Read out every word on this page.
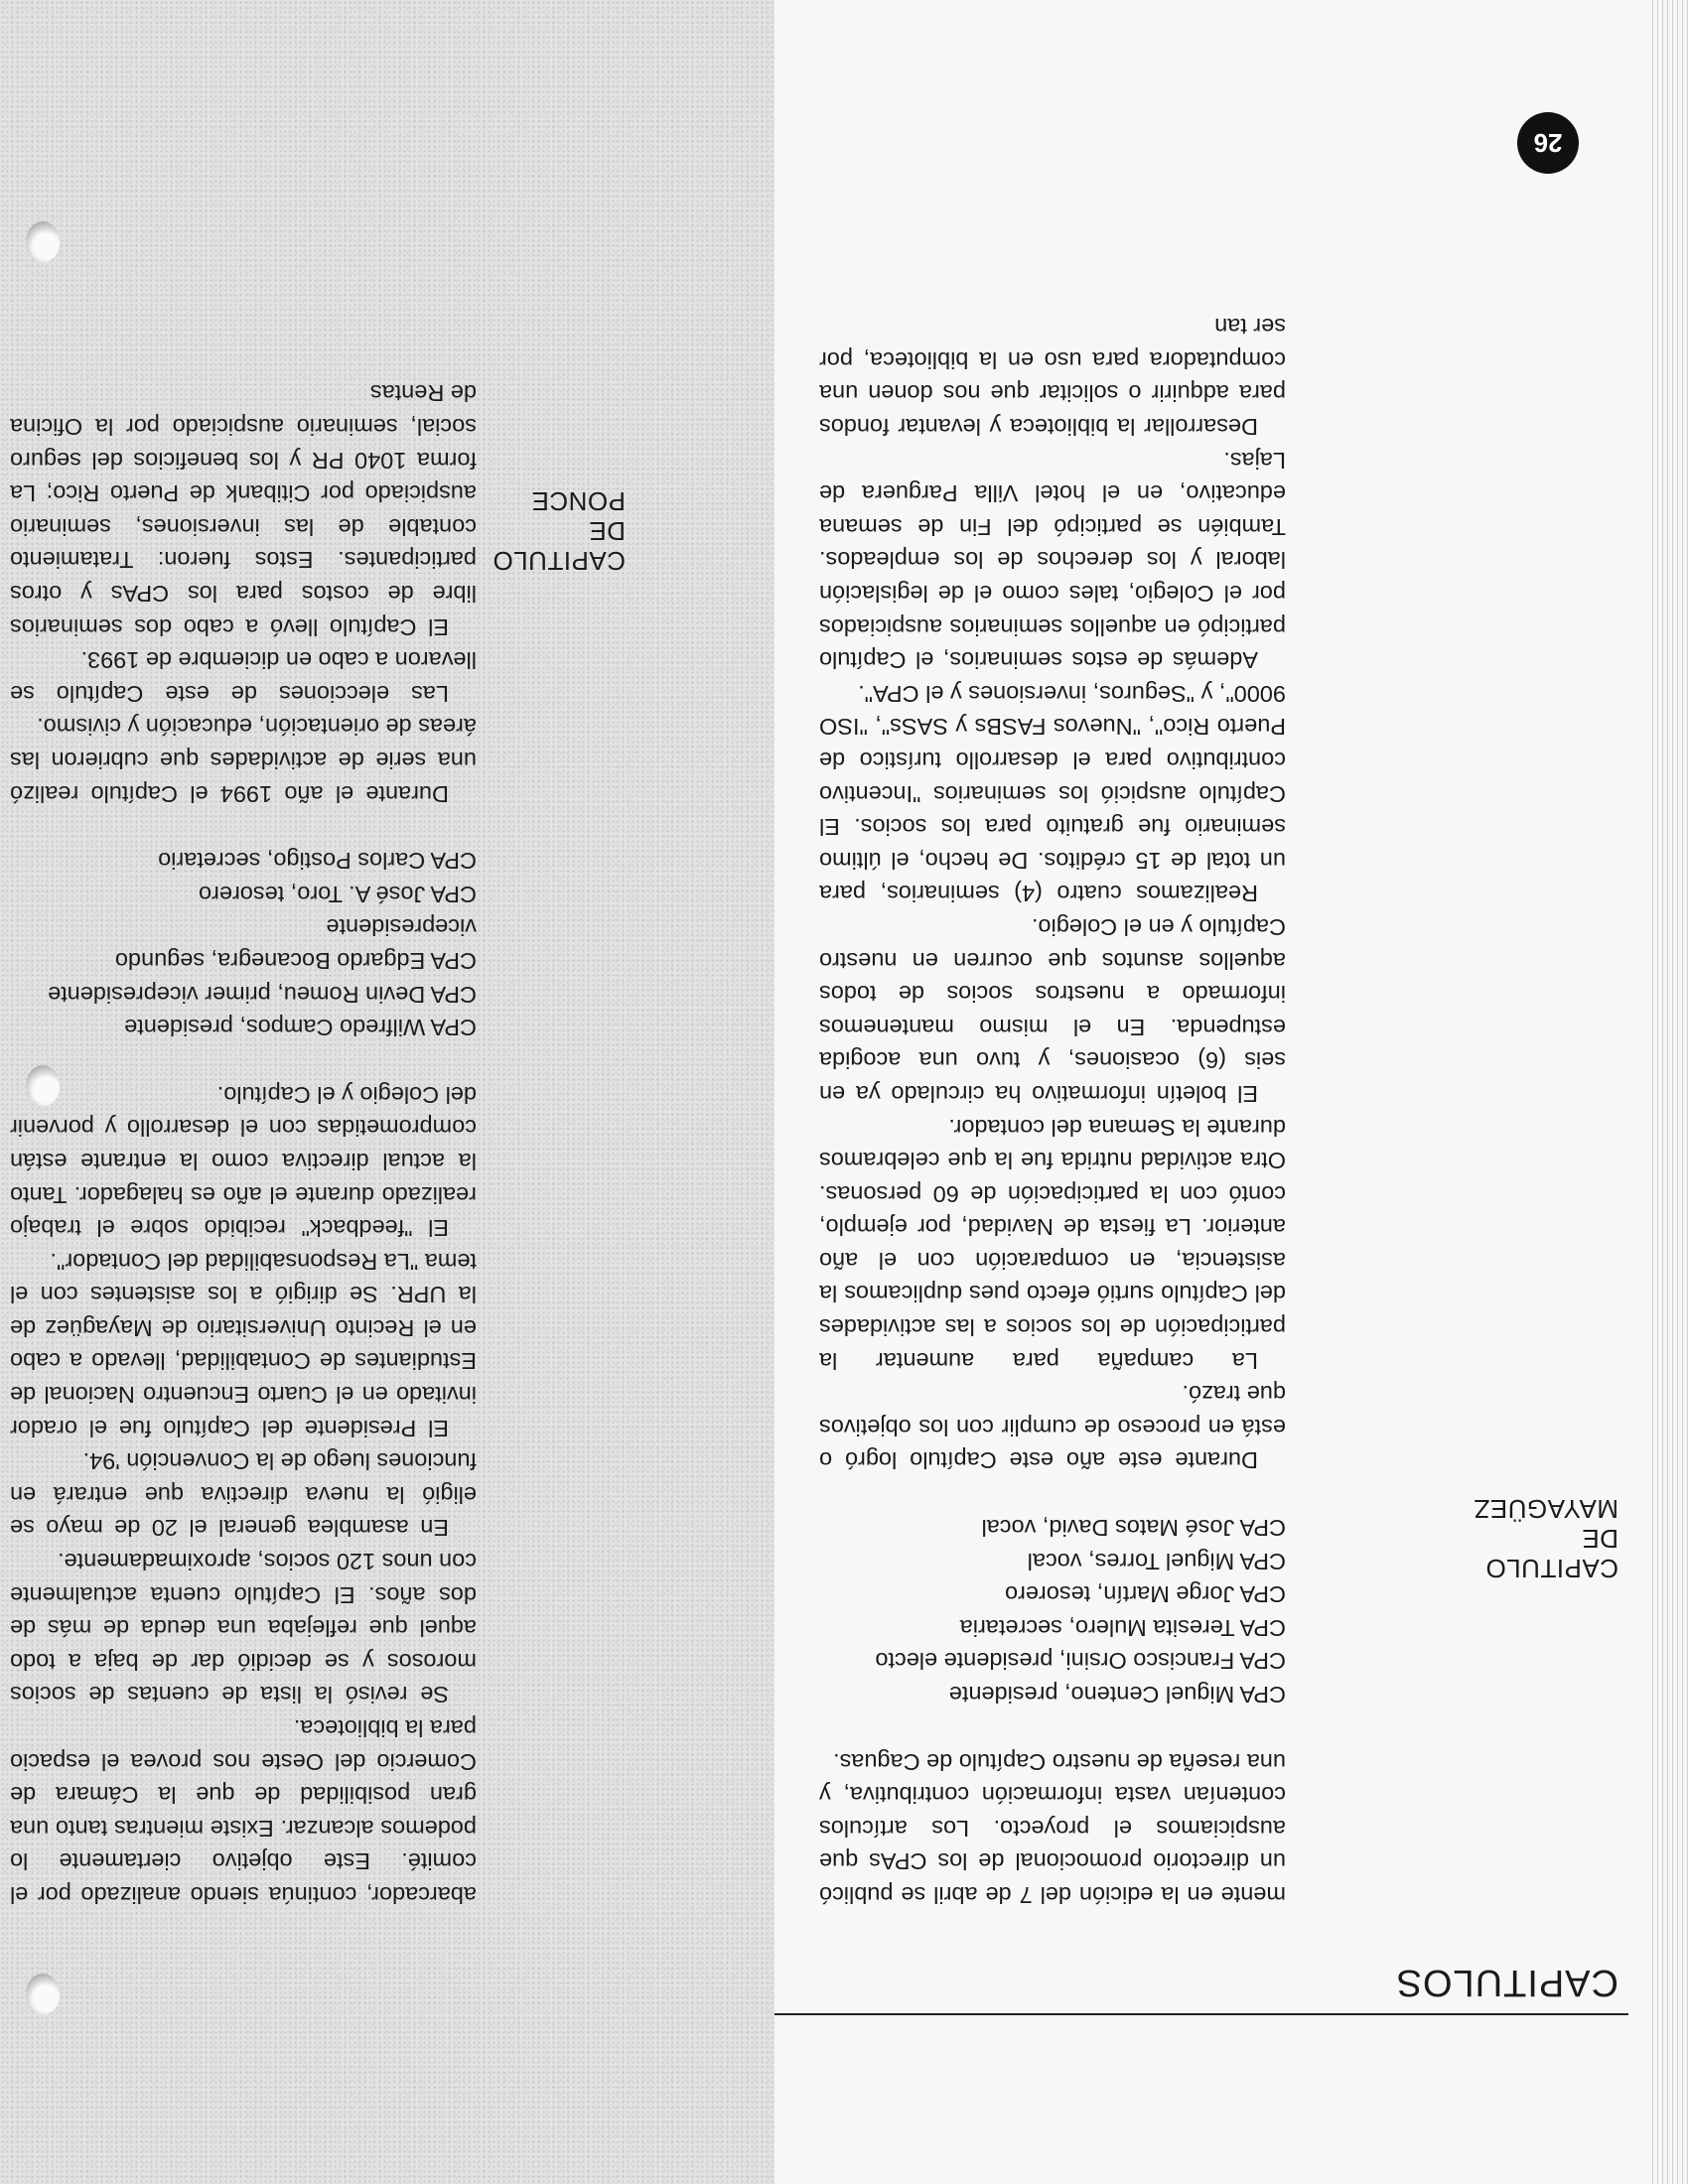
CAPITULOS

mente en la edición del 7 de abril se publicó un directorio promocional de los CPAs que auspiciamos el proyecto. Los artículos contenían vasta información contributiva, y una reseña de nuestro Capítulo de Caguas.

CPA Miguel Centeno, presidente
CPA Francisco Orsini, presidente electo
CPA Teresita Mulero, secretaria
CPA Jorge Martín, tesorero
CPA Miguel Torres, vocal
CPA José Matos David, vocal

Durante este año este Capítulo logró o está en proceso de cumplir con los objetivos que trazó.

La campaña para aumentar la participación de los socios a las actividades del Capítulo surtió efecto pues duplicamos la asistencia, en comparación con el año anterior. La fiesta de Navidad, por ejemplo, contó con la participación de 60 personas. Otra actividad nutrida fue la que celebramos durante la Semana del contador.

El boletín informativo ha circulado ya en seis (6) ocasiones, y tuvo una acogida estupenda. En el mismo mantenemos informado a nuestros socios de todos aquellos asuntos que ocurren en nuestro Capítulo y en el Colegio.

Realizamos cuatro (4) seminarios, para un total de 15 créditos. De hecho, el último seminario fue gratuito para los socios. El Capítulo auspició los seminarios "Incentivo contributivo para el desarrollo turístico de Puerto Rico", "Nuevos FASBs y SASs", "ISO 9000", y "Seguros, inversiones y el CPA".

Además de estos seminarios, el Capítulo participó en aquellos seminarios auspiciados por el Colegio, tales como el de legislación laboral y los derechos de los empleados. También se participó del Fin de semana educativo, en el hotel Villa Parguera de Lajas.

Desarrollar la biblioteca y levantar fondos para adquirir o solicitar que nos donen una computadora para uso en la biblioteca, por ser tan

CAPITULO DE MAYAGÜEZ

abarcador, continúa siendo analizado por el comité. Este objetivo ciertamente lo podemos alcanzar. Existe mientras tanto una gran posibilidad de que la Cámara de Comercio del Oeste nos provea el espacio para la biblioteca.

Se revisó la lista de cuentas de socios morosos y se decidió dar de baja a todo aquel que reflejaba una deuda de más de dos años. El Capítulo cuenta actualmente con unos 120 socios, aproximadamente.

En asamblea general el 20 de mayo se eligió la nueva directiva que entrará en funciones luego de la Convención '94.

El Presidente del Capítulo fue el orador invitado en el Cuarto Encuentro Nacional de Estudiantes de Contabilidad, llevado a cabo en el Recinto Universitario de Mayagüez de la UPR. Se dirigió a los asistentes con el tema "La Responsabilidad del Contador".

El "feedback" recibido sobre el trabajo realizado durante el año es halagador. Tanto la actual directiva como la entrante están comprometidas con el desarrollo y porvenir del Colegio y el Capítulo.

CPA Wilfredo Campos, presidente
CPA Devin Romeu, primer vicepresidente
CPA Edgardo Bocanegra, segundo vicepresidente
CPA José A. Toro, tesorero
CPA Carlos Postigo, secretario

Durante el año 1994 el Capítulo realizó una serie de actividades que cubrieron las áreas de orientación, educación y civismo.

Las elecciones de este Capítulo se llevaron a cabo en diciembre de 1993.

El Capítulo llevó a cabo dos seminarios libre de costos para los CPAs y otros participantes. Estos fueron: Tratamiento contable de las inversiones, seminario auspiciado por Citibank de Puerto Rico; La forma 1040 PR y los beneficios del seguro social, seminario auspiciado por la Oficina de Rentas

CAPITULO DE PONCE
26
